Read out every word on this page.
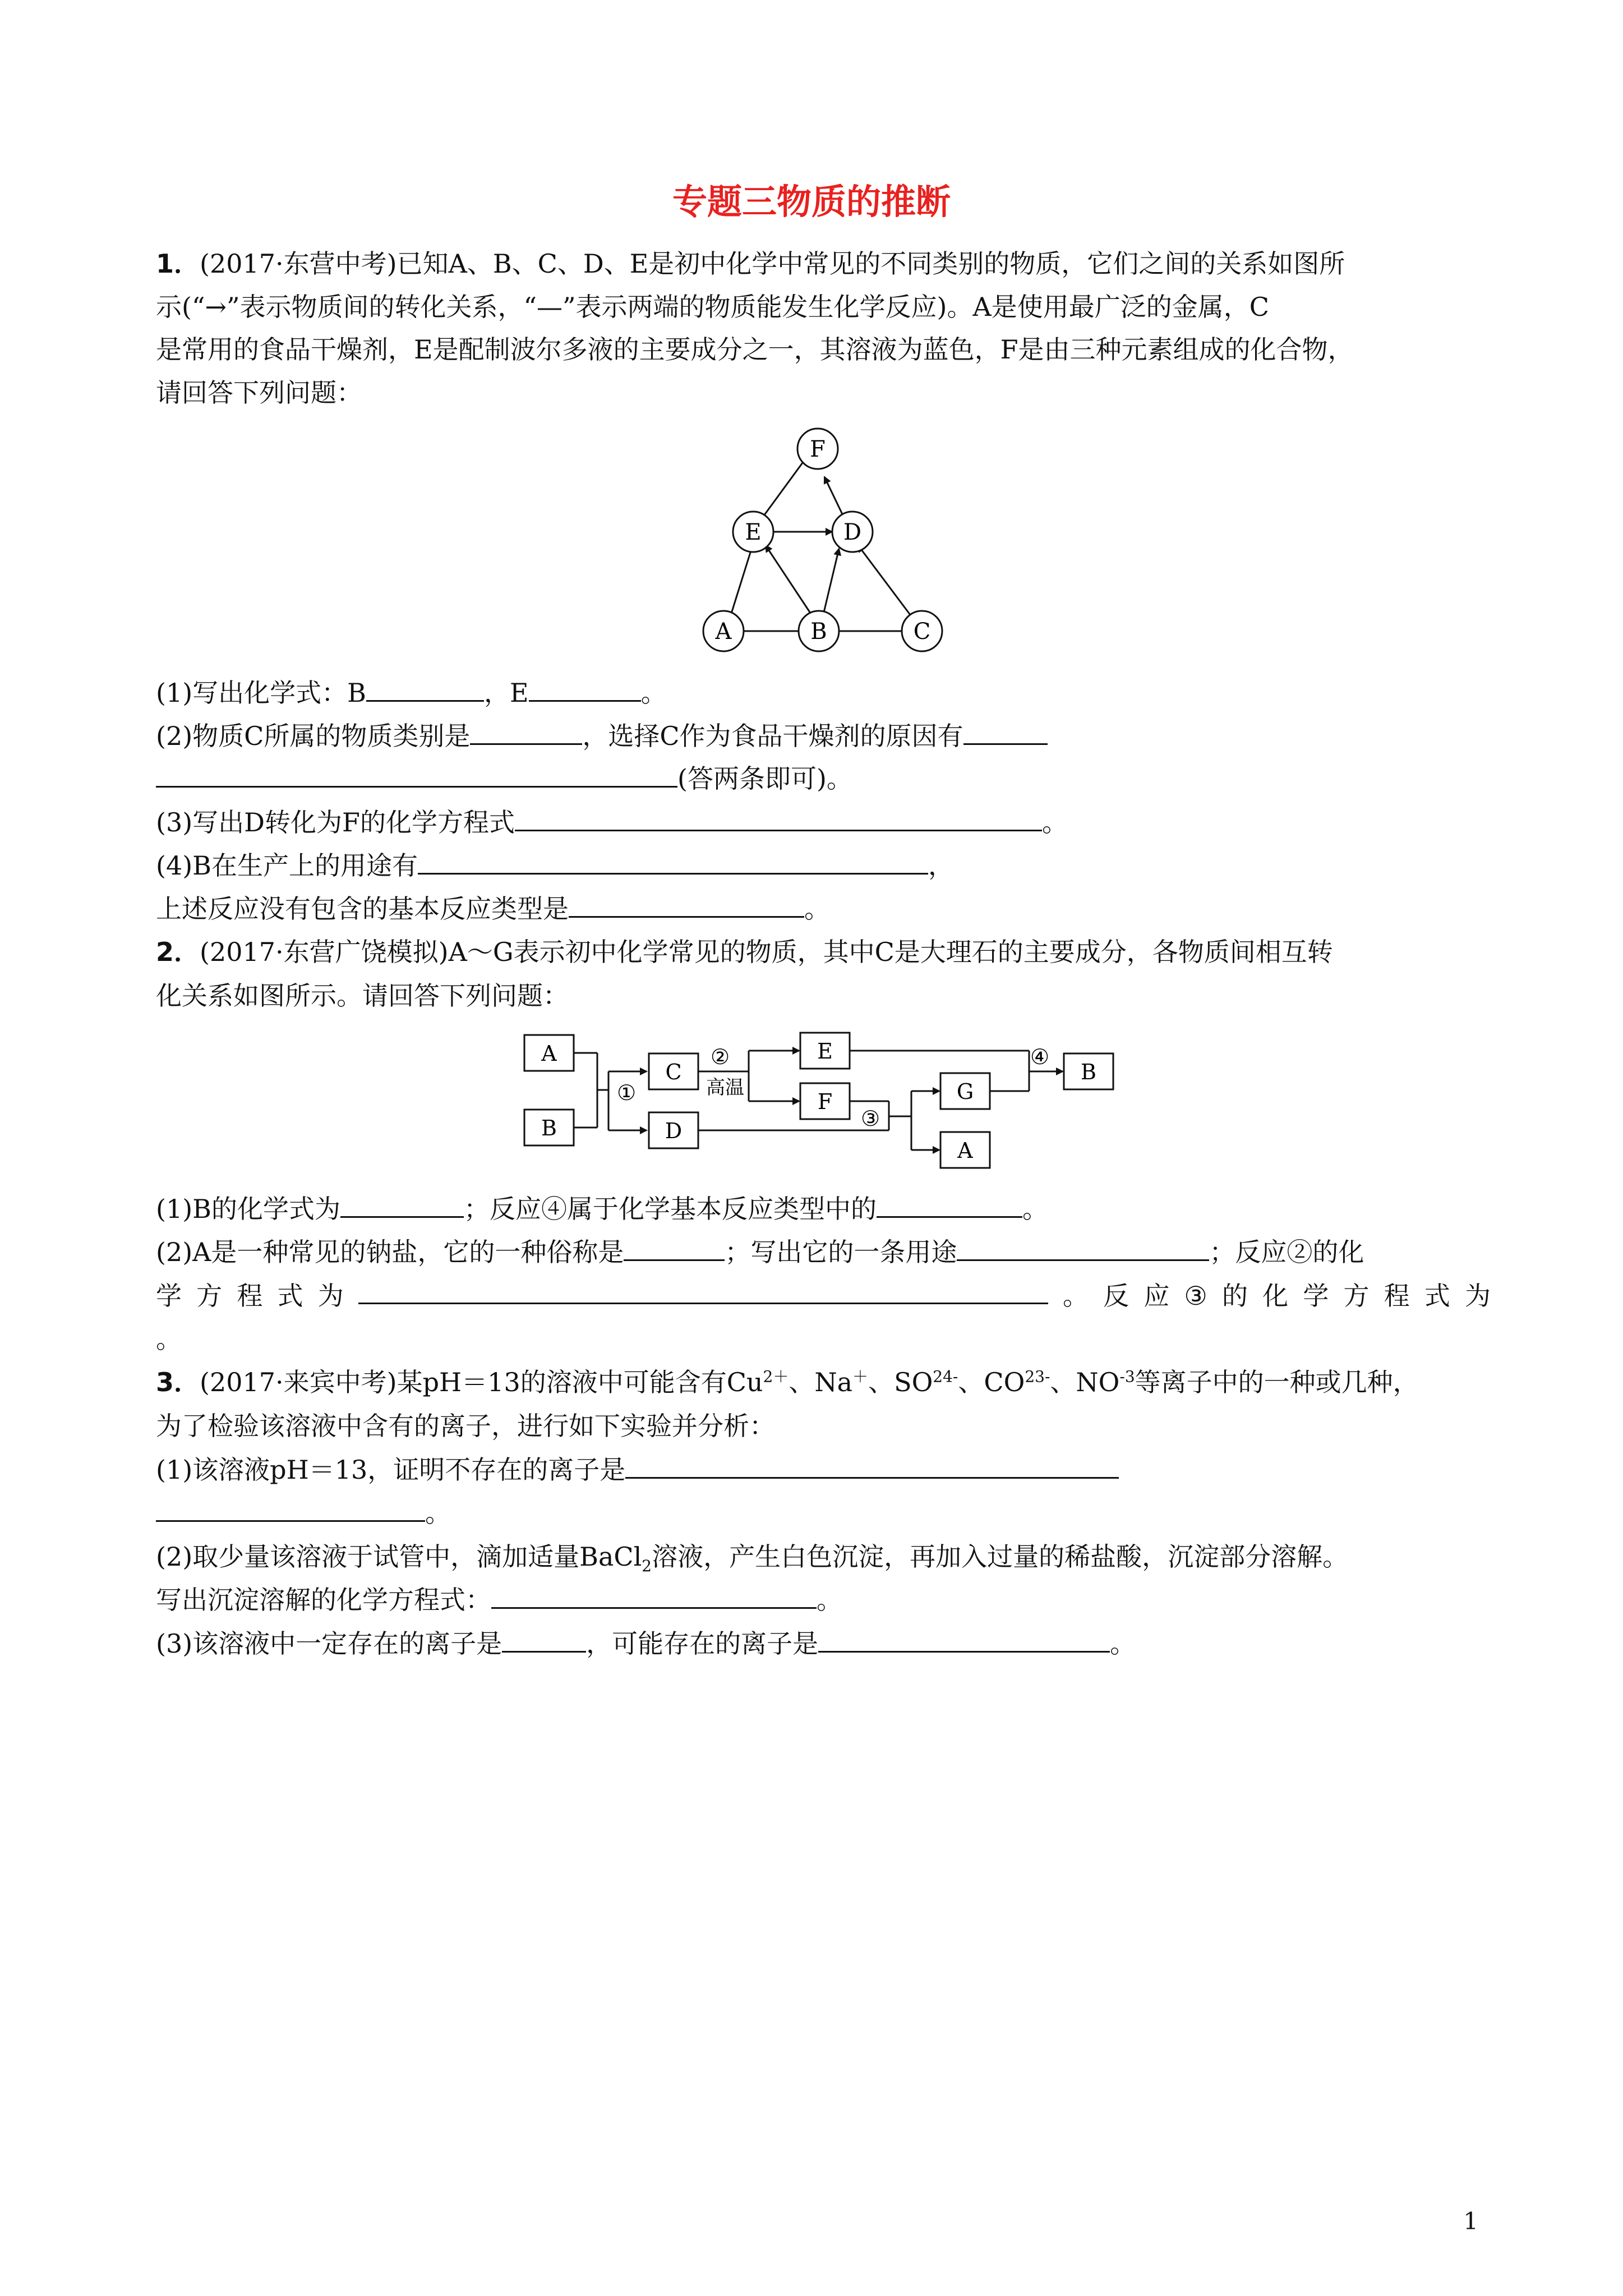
专题三物质的推断
1．(2017·东营中考)已知A、B、C、D、E是初中化学中常见的不同类别的物质，它们之间的关系如图所
示(“→”表示物质间的转化关系，“—”表示两端的物质能发生化学反应)。A是使用最广泛的金属，C
是常用的食品干燥剂，E是配制波尔多液的主要成分之一，其溶液为蓝色，F是由三种元素组成的化合物，
请回答下列问题：
F
E	D
A	B	C
(1)写出化学式：B	，E	。
(2)物质C所属的物质类别是	，选择C作为食品干燥剂的原因有
(答两条即可)。
(3)写出D转化为F的化学方程式	。
(4)B在生产上的用途有	，
上述反应没有包含的基本反应类型是	。
2．(2017·东营广饶模拟)A～G表示初中化学常见的物质，其中C是大理石的主要成分，各物质间相互转
化关系如图所示。请回答下列问题：
A
B
C
D
E
F	G
A
B
①
②
高温
③
④
(1)B的化学式为	；反应④属于化学基本反应类型中的	。
(2)A是一种常见的钠盐，它的一种俗称是	；写出它的一条用途	；反应②的化
学 方 程 式 为	。 反 应 ③ 的 化 学 方 程 式 为
。
3．(2017·来宾中考)某pH＝13的溶液中可能含有$Cu^{2+}$、Na＋、$SO^{24-}$、$CO^{23-}$、$NO^{-3}$等离子中的一种或几种，
为了检验该溶液中含有的离子，进行如下实验并分析：
(1)该溶液pH＝13，证明不存在的离子是
。
(2)取少量该溶液于试管中，滴加适量BaCl$_2$溶液，产生白色沉淀，再加入过量的稀盐酸，沉淀部分溶解。
写出沉淀溶解的化学方程式：	。
(3)该溶液中一定存在的离子是	，可能存在的离子是	。
1
